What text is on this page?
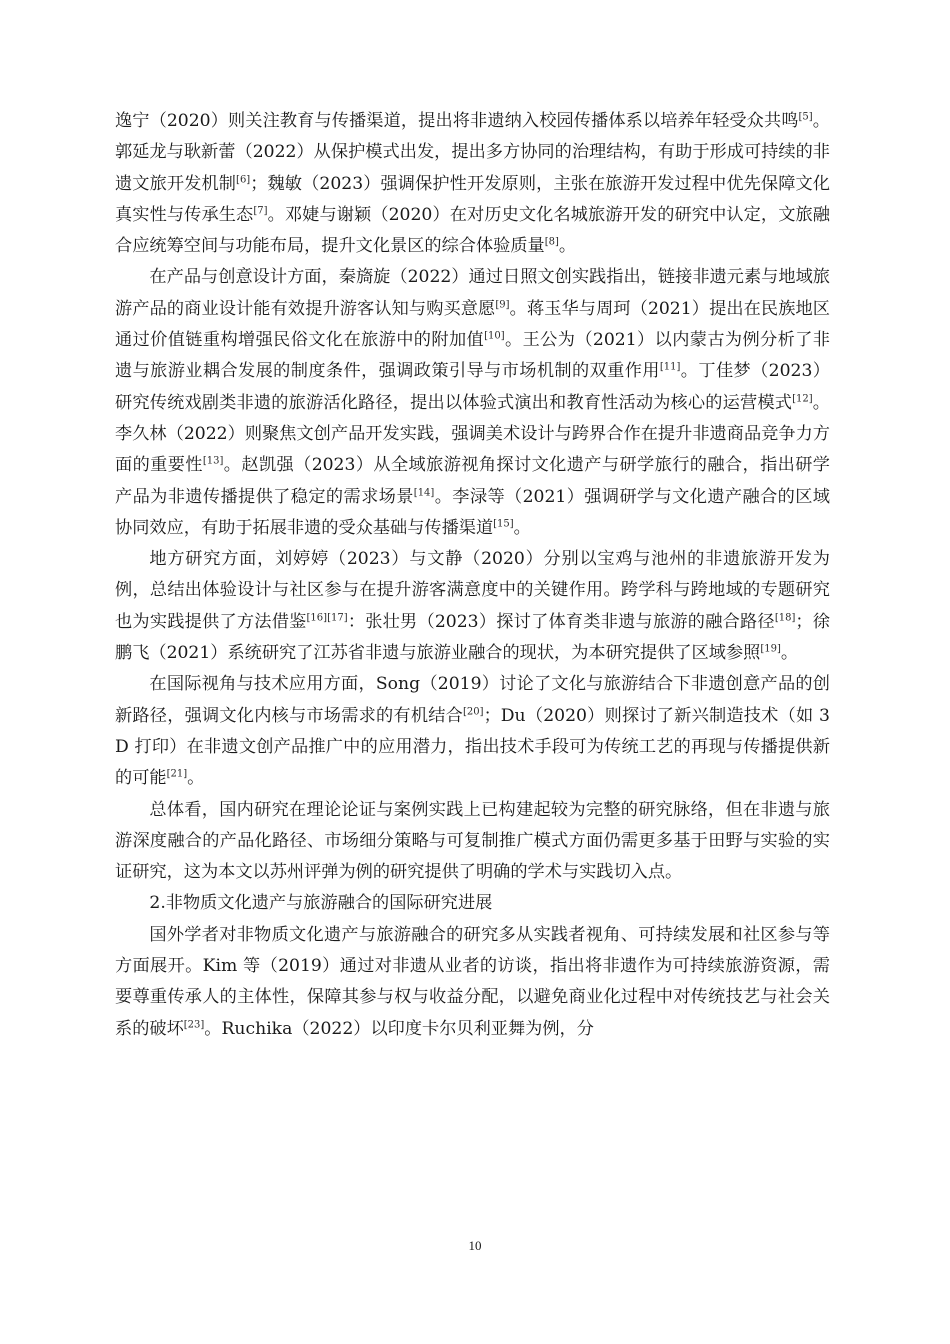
逸宁（2020）则关注教育与传播渠道，提出将非遗纳入校园传播体系以培养年轻受众共鸣[5]。郭延龙与耿新蕾（2022）从保护模式出发，提出多方协同的治理结构，有助于形成可持续的非遗文旅开发机制[6]；魏敏（2023）强调保护性开发原则，主张在旅游开发过程中优先保障文化真实性与传承生态[7]。邓婕与谢颖（2020）在对历史文化名城旅游开发的研究中认定，文旅融合应统筹空间与功能布局，提升文化景区的综合体验质量[8]。

在产品与创意设计方面，秦旖旋（2022）通过日照文创实践指出，链接非遗元素与地域旅游产品的商业设计能有效提升游客认知与购买意愿[9]。蒋玉华与周珂（2021）提出在民族地区通过价值链重构增强民俗文化在旅游中的附加值[10]。王公为（2021）以内蒙古为例分析了非遗与旅游业耦合发展的制度条件，强调政策引导与市场机制的双重作用[11]。丁佳梦（2023）研究传统戏剧类非遗的旅游活化路径，提出以体验式演出和教育性活动为核心的运营模式[12]。李久林（2022）则聚焦文创产品开发实践，强调美术设计与跨界合作在提升非遗商品竞争力方面的重要性[13]。赵凯强（2023）从全域旅游视角探讨文化遗产与研学旅行的融合，指出研学产品为非遗传播提供了稳定的需求场景[14]。李渌等（2021）强调研学与文化遗产融合的区域协同效应，有助于拓展非遗的受众基础与传播渠道[15]。

地方研究方面，刘婷婷（2023）与文静（2020）分别以宝鸡与池州的非遗旅游开发为例，总结出体验设计与社区参与在提升游客满意度中的关键作用。跨学科与跨地域的专题研究也为实践提供了方法借鉴[16][17]：张壮男（2023）探讨了体育类非遗与旅游的融合路径[18]；徐鹏飞（2021）系统研究了江苏省非遗与旅游业融合的现状，为本研究提供了区域参照[19]。

在国际视角与技术应用方面，Song（2019）讨论了文化与旅游结合下非遗创意产品的创新路径，强调文化内核与市场需求的有机结合[20]；Du（2020）则探讨了新兴制造技术（如 3D 打印）在非遗文创产品推广中的应用潜力，指出技术手段可为传统工艺的再现与传播提供新的可能[21]。

总体看，国内研究在理论论证与案例实践上已构建起较为完整的研究脉络，但在非遗与旅游深度融合的产品化路径、市场细分策略与可复制推广模式方面仍需更多基于田野与实验的实证研究，这为本文以苏州评弹为例的研究提供了明确的学术与实践切入点。

2.非物质文化遗产与旅游融合的国际研究进展

国外学者对非物质文化遗产与旅游融合的研究多从实践者视角、可持续发展和社区参与等方面展开。Kim 等（2019）通过对非遗从业者的访谈，指出将非遗作为可持续旅游资源，需要尊重传承人的主体性，保障其参与权与收益分配，以避免商业化过程中对传统技艺与社会关系的破坏[23]。Ruchika（2022）以印度卡尔贝利亚舞为例，分

10
